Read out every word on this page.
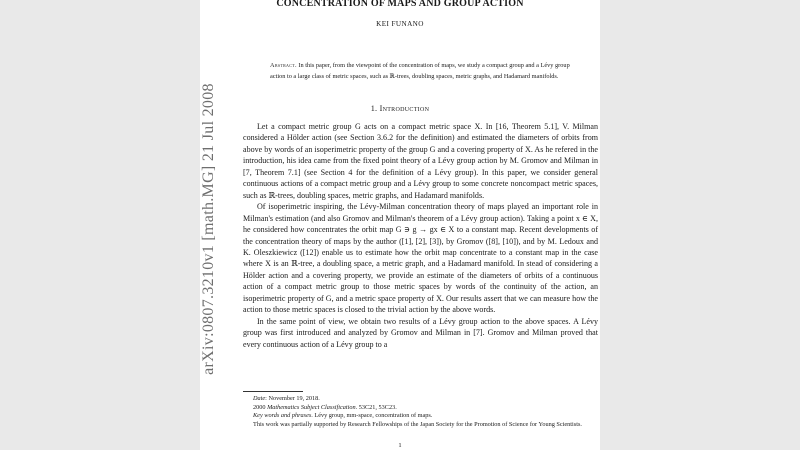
arXiv:0807.3210v1 [math.MG] 21 Jul 2008
CONCENTRATION OF MAPS AND GROUP ACTION
KEI FUNANO

Abstract. In this paper, from the viewpoint of the concentration of maps, we study a compact group and a Lévy group action to a large class of metric spaces, such as ℝ-trees, doubling spaces, metric graphs, and Hadamard manifolds.

1. Introduction

Let a compact metric group G acts on a compact metric space X. In [16, Theorem 5.1], V. Milman considered a Hölder action (see Section 3.6.2 for the definition) and estimated the diameters of orbits from above by words of an isoperimetric property of the group G and a covering property of X. As he refered in the introduction, his idea came from the fixed point theory of a Lévy group action by M. Gromov and Milman in [7, Theorem 7.1] (see Section 4 for the definition of a Lévy group). In this paper, we consider general continuous actions of a compact metric group and a Lévy group to some concrete noncompact metric spaces, such as ℝ-trees, doubling spaces, metric graphs, and Hadamard manifolds.

Of isoperimetric inspiring, the Lévy-Milman concentration theory of maps played an important role in Milman's estimation (and also Gromov and Milman's theorem of a Lévy group action). Taking a point x ∈ X, he considered how concentrates the orbit map G ∋ g → gx ∈ X to a constant map. Recent developments of the concentration theory of maps by the author ([1], [2], [3]), by Gromov ([8], [10]), and by M. Ledoux and K. Oleszkiewicz ([12]) enable us to estimate how the orbit map concentrate to a constant map in the case where X is an ℝ-tree, a doubling space, a metric graph, and a Hadamard manifold. In stead of considering a Hölder action and a covering property, we provide an estimate of the diameters of orbits of a continuous action of a compact metric group to those metric spaces by words of the continuity of the action, an isoperimetric property of G, and a metric space property of X. Our results assert that we can measure how the action to those metric spaces is closed to the trivial action by the above words.

In the same point of view, we obtain two results of a Lévy group action to the above spaces. A Lévy group was first introduced and analyzed by Gromov and Milman in [7]. Gromov and Milman proved that every continuous action of a Lévy group to a

Date: November 19, 2018.

2000 Mathematics Subject Classification. 53C21, 53C23.

Key words and phrases. Lévy group, mm-space, concentration of maps.

This work was partially supported by Research Fellowships of the Japan Society for the Promotion of Science for Young Scientists.

1
